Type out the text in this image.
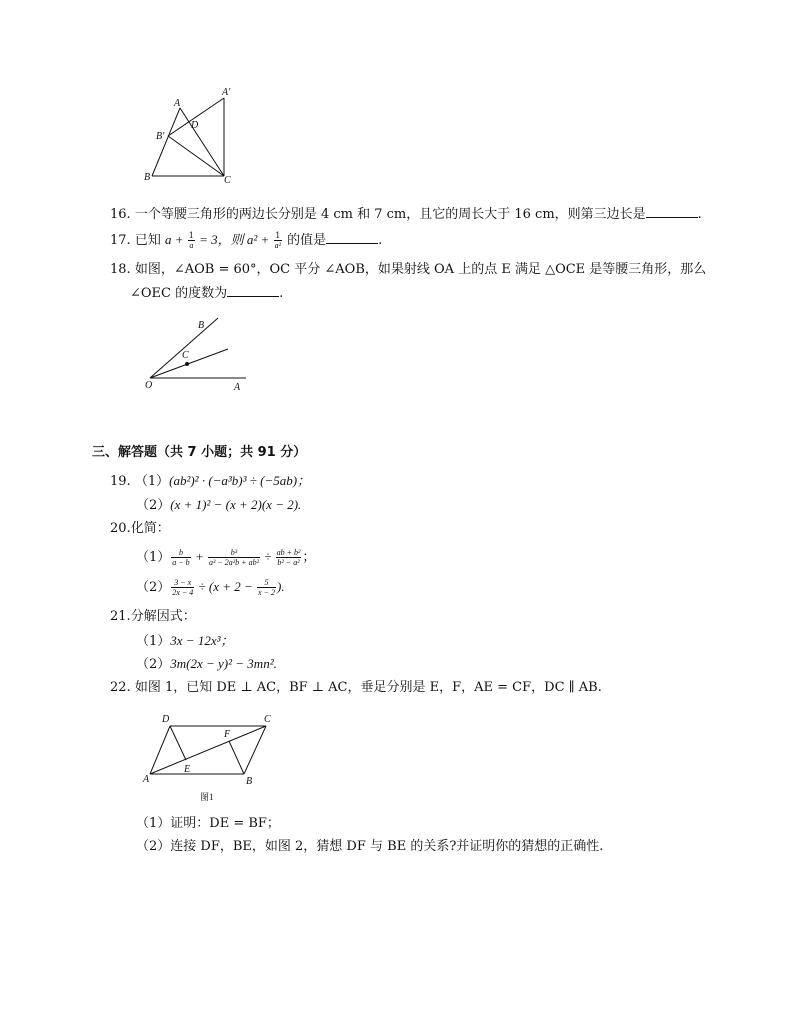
A
A'
D
B'
B	C
16. 一个等腰三角形的两边长分别是 4 cm 和 7 cm，且它的周长大于 16 cm，则第三边长是	.
17. 已知 $a + \frac{1}{a} = 3$，则 $a^2 + \frac{1}{\text{a²}}$ 的值是	.
18. 如图，∠AOB = 60°，OC 平分 ∠AOB，如果射线 OA 上的点 E 满足 △OCE 是等腰三角形，那么
∠OEC 的度数为	.
B
C
O	A
三、解答题（共 7 小题；共 91 分）
19. （1）(ab²)² · (−a³b)³ ÷ (−5ab)；
（2）(x + 1)² − (x + 2)(x − 2).
20.化简：
$(1) \frac{b}{a - b} + \frac{\text{b³}}{\text{a³ − 2a²b + ab²}} \div \frac{\text{ab + b²}}{\text{b² − a²}}$ ；
$(2) \frac{3 - x}{2x - 4} \div (x + 2 - \frac{5}{x - 2}$ ).
21.分解因式：
（1）3x − 12x³；
（2）3m(2x − y)² − 3mn².
22. 如图 1，已知 DE ⊥ AC，BF ⊥ AC，垂足分别是 E，F，AE = CF，DC ∥ AB.
D	C
F
E
A	B
图1
（1）证明：DE = BF；
（2）连接 DF，BE，如图 2，猜想 DF 与 BE 的关系?并证明你的猜想的正确性.
